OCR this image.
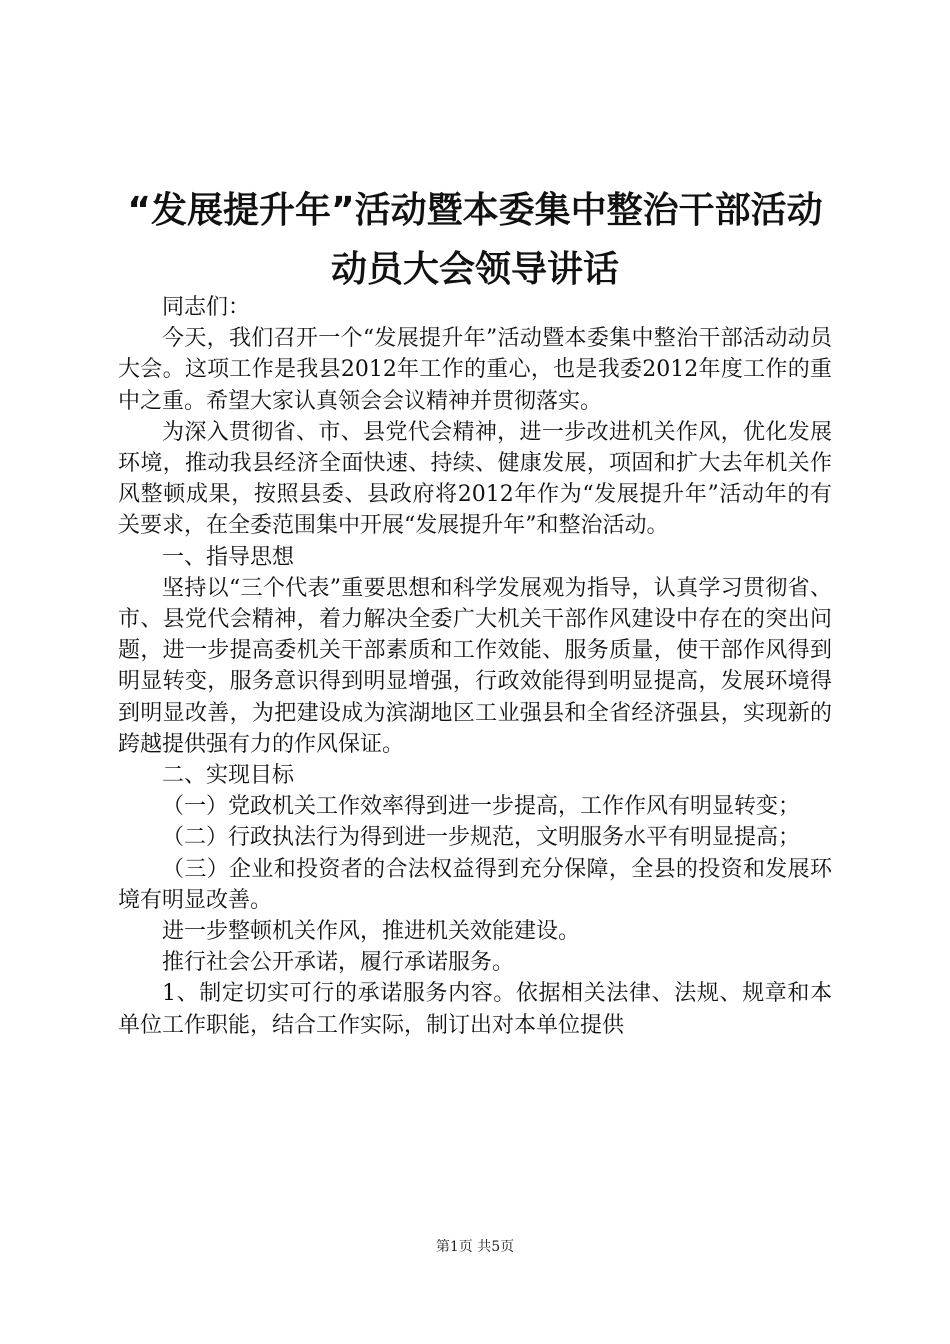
“发展提升年”活动暨本委集中整治干部活动
动员大会领导讲话

同志们：

今天，我们召开一个“发展提升年”活动暨本委集中整治干部活动动员大会。这项工作是我县2012年工作的重心，也是我委2012年度工作的重中之重。希望大家认真领会会议精神并贯彻落实。

为深入贯彻省、市、县党代会精神，进一步改进机关作风，优化发展环境，推动我县经济全面快速、持续、健康发展，项固和扩大去年机关作风整顿成果，按照县委、县政府将2012年作为“发展提升年”活动年的有关要求，在全委范围集中开展“发展提升年”和整治活动。

一、指导思想

坚持以“三个代表”重要思想和科学发展观为指导，认真学习贯彻省、市、县党代会精神，着力解决全委广大机关干部作风建设中存在的突出问题，进一步提高委机关干部素质和工作效能、服务质量，使干部作风得到明显转变，服务意识得到明显增强，行政效能得到明显提高，发展环境得到明显改善，为把建设成为滨湖地区工业强县和全省经济强县，实现新的跨越提供强有力的作风保证。

二、实现目标

（一）党政机关工作效率得到进一步提高，工作作风有明显转变；

（二）行政执法行为得到进一步规范，文明服务水平有明显提高；

（三）企业和投资者的合法权益得到充分保障，全县的投资和发展环境有明显改善。

进一步整顿机关作风，推进机关效能建设。

推行社会公开承诺，履行承诺服务。

1、制定切实可行的承诺服务内容。依据相关法律、法规、规章和本单位工作职能，结合工作实际，制订出对本单位提供

第1页 共5页
